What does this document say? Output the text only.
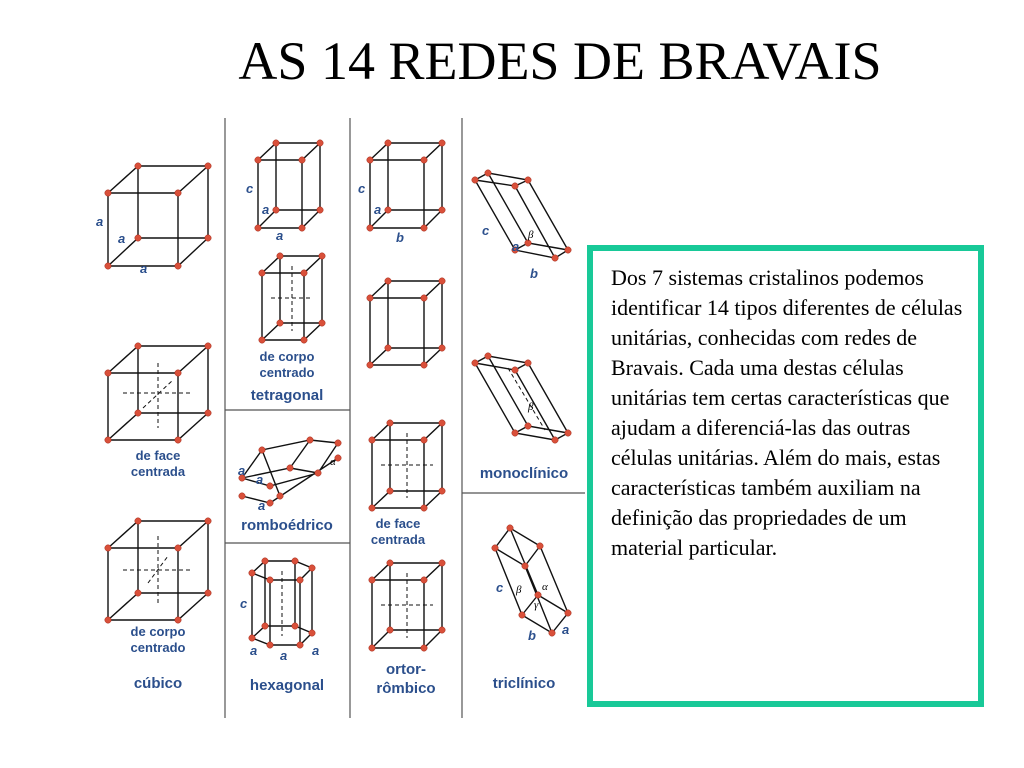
AS 14 REDES DE BRAVAIS
a
a
a
de face
centrada
de corpo
centrado
cúbico
c
a
a
de corpo
centrado
tetragonal
a
a
a
α
romboédrico
c
a a a
hexagonal
c
a
b
de face
centrada
ortor-
rômbico
c
a
b
β
β
monoclínico
c
b a
β α
γ
triclínico

Dos 7 sistemas cristalinos podemos identificar 14 tipos diferentes de células unitárias, conhecidas com redes de Bravais. Cada uma destas células unitárias tem certas características que ajudam a diferenciá-las das outras células unitárias. Além do mais, estas características também auxiliam na definição das propriedades de um material particular.
